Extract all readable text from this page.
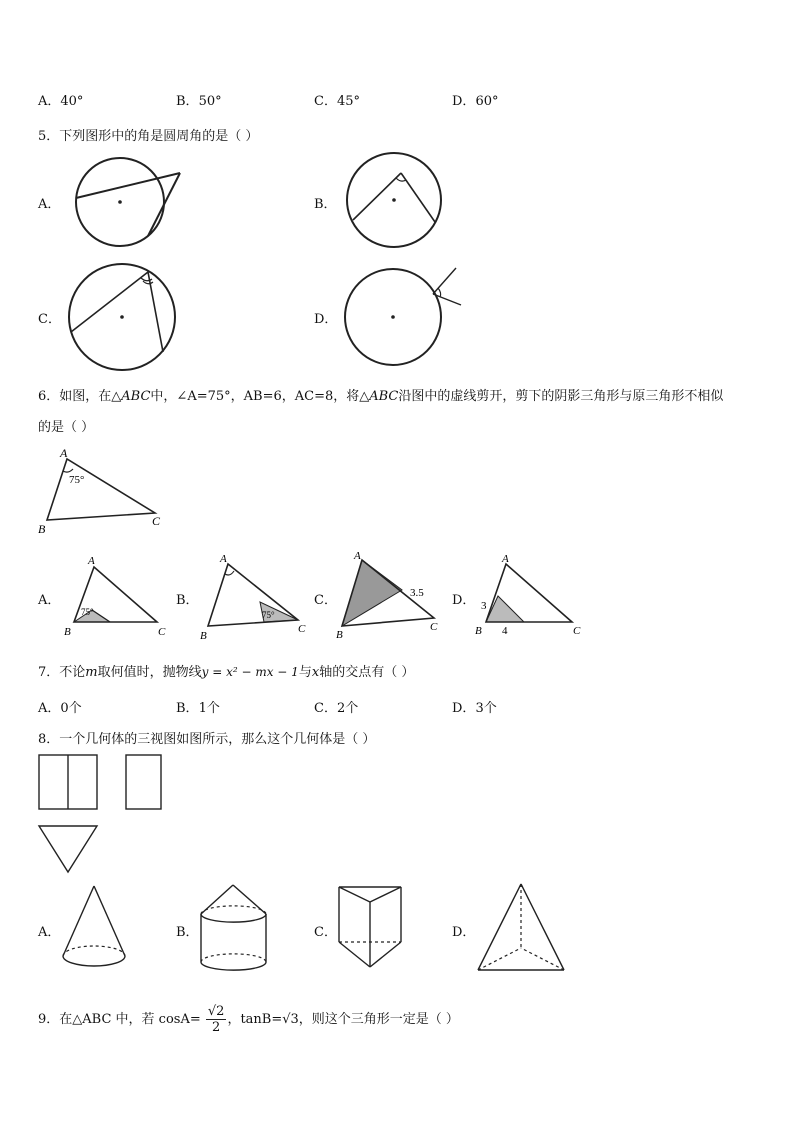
A．40°	B．50°	C．45°	D．60°
5．下列图形中的角是圆周角的是（ ）
A．	B．
C．	D．
6．如图，在△ABC中，∠A=75°，AB=6，AC=8，将△ABC沿图中的虚线剪开，剪下的阴影三角形与原三角形不相似
的是（ ）
A
B
C
75°
A．
A
B	C
75°
B．
A
B
C
75°
C．
A
B
C
3.5 D．
A
B	C
3
4
7．不论m取何值时，抛物线y = x² − mx − 1与x轴的交点有（ ）
A．0个	B．1个	C．2个	D．3个
8．一个几何体的三视图如图所示，那么这个几何体是（ ）
A．	B．	C．	D．
9．在△ABC 中，若 $\cos A= \frac{√2}{2}$ ，tanB=√3，则这个三角形一定是（ ）
